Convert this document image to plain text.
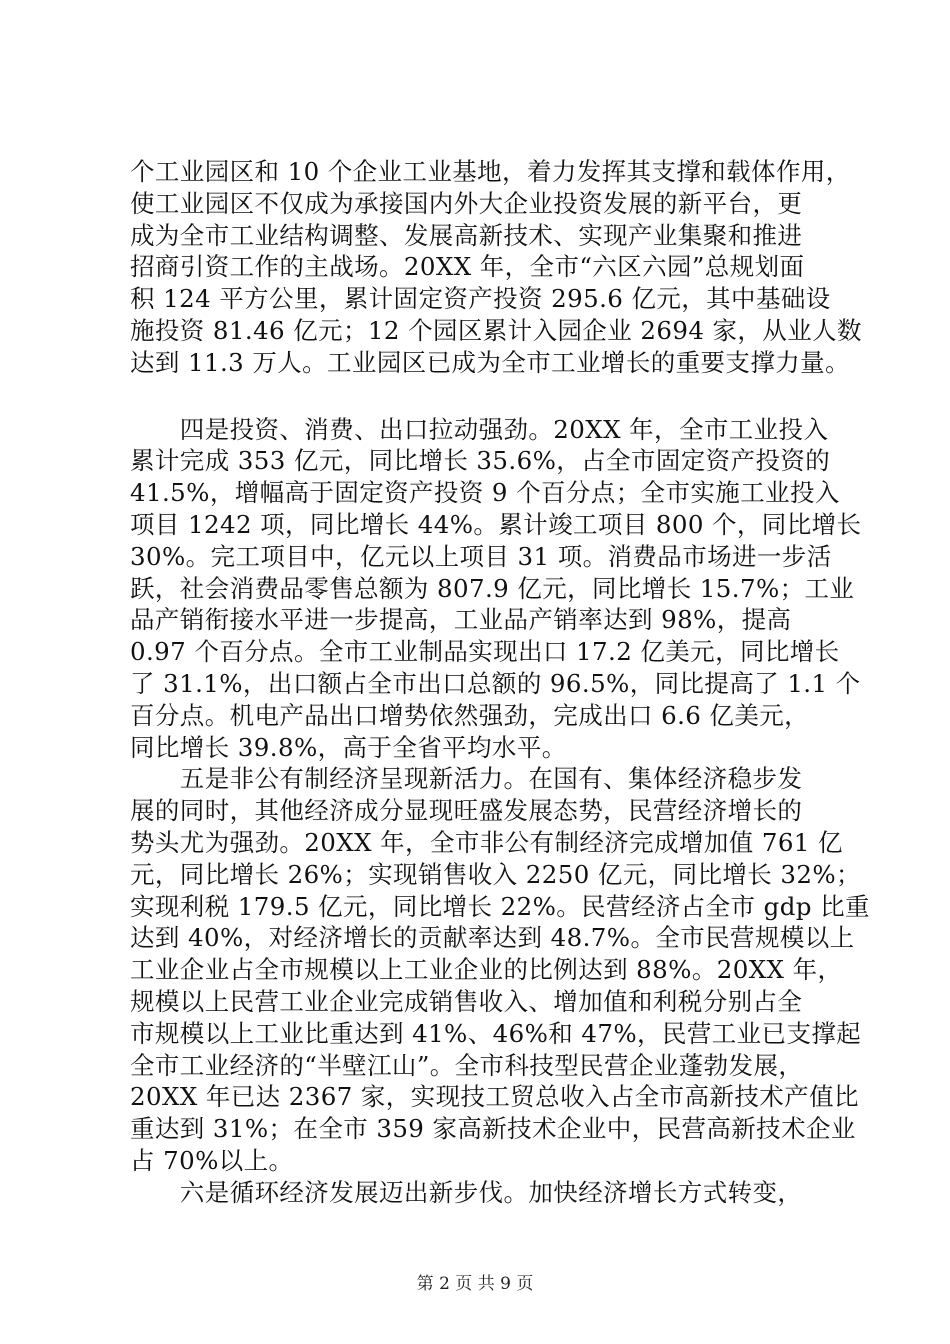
个工业园区和 10 个企业工业基地，着力发挥其支撑和载体作用，
使工业园区不仅成为承接国内外大企业投资发展的新平台，更
成为全市工业结构调整、发展高新技术、实现产业集聚和推进
招商引资工作的主战场。20XX 年，全市“六区六园”总规划面
积 124 平方公里，累计固定资产投资 295.6 亿元，其中基础设
施投资 81.46 亿元；12 个园区累计入园企业 2694 家，从业人数
达到 11.3 万人。工业园区已成为全市工业增长的重要支撑力量。
　　四是投资、消费、出口拉动强劲。20XX 年，全市工业投入
累计完成 353 亿元，同比增长 35.6%，占全市固定资产投资的
41.5%，增幅高于固定资产投资 9 个百分点；全市实施工业投入
项目 1242 项，同比增长 44%。累计竣工项目 800 个，同比增长
30%。完工项目中，亿元以上项目 31 项。消费品市场进一步活
跃，社会消费品零售总额为 807.9 亿元，同比增长 15.7%；工业
品产销衔接水平进一步提高，工业品产销率达到 98%，提高
0.97 个百分点。全市工业制品实现出口 17.2 亿美元，同比增长
了 31.1%，出口额占全市出口总额的 96.5%，同比提高了 1.1 个
百分点。机电产品出口增势依然强劲，完成出口 6.6 亿美元，
同比增长 39.8%，高于全省平均水平。
　　五是非公有制经济呈现新活力。在国有、集体经济稳步发
展的同时，其他经济成分显现旺盛发展态势，民营经济增长的
势头尤为强劲。20XX 年，全市非公有制经济完成增加值 761 亿
元，同比增长 26%；实现销售收入 2250 亿元，同比增长 32%；
实现利税 179.5 亿元，同比增长 22%。民营经济占全市 gdp 比重
达到 40%，对经济增长的贡献率达到 48.7%。全市民营规模以上
工业企业占全市规模以上工业企业的比例达到 88%。20XX 年，
规模以上民营工业企业完成销售收入、增加值和利税分别占全
市规模以上工业比重达到 41%、46%和 47%，民营工业已支撑起
全市工业经济的“半壁江山”。全市科技型民营企业蓬勃发展，
20XX 年已达 2367 家，实现技工贸总收入占全市高新技术产值比
重达到 31%；在全市 359 家高新技术企业中，民营高新技术企业
占 70%以上。
　　六是循环经济发展迈出新步伐。加快经济增长方式转变，
第 2 页 共 9 页
